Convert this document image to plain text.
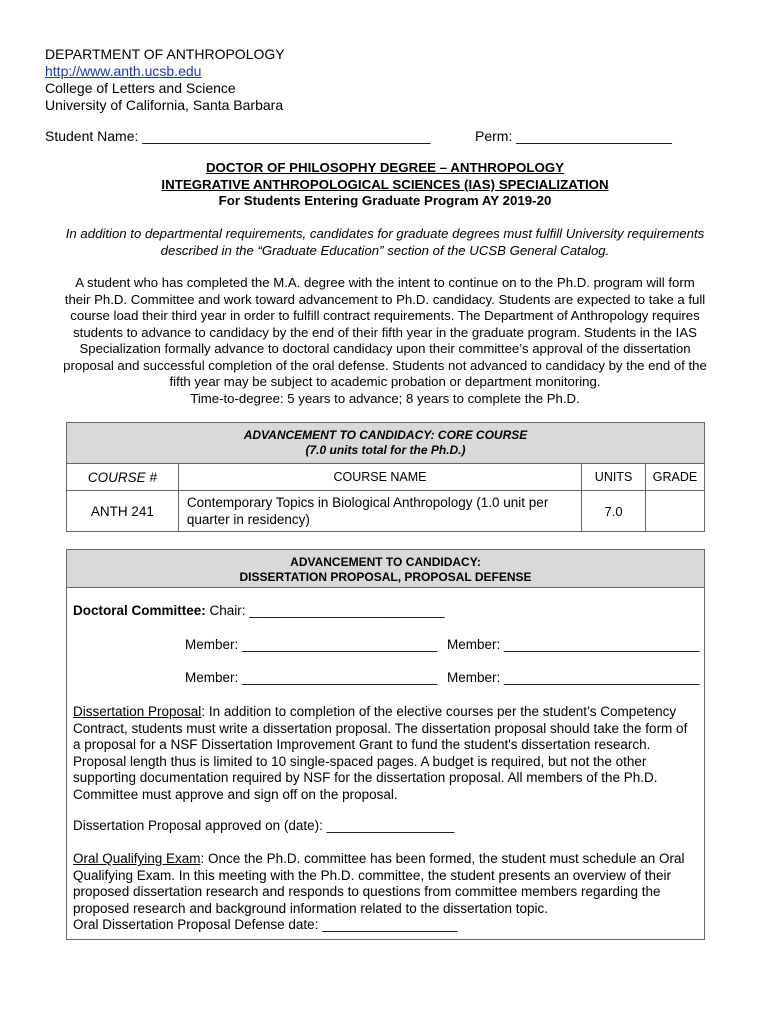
DEPARTMENT OF ANTHROPOLOGY
http://www.anth.ucsb.edu
College of Letters and Science
University of California, Santa Barbara
Student Name: _____________________________________	Perm: ____________________
DOCTOR OF PHILOSOPHY DEGREE – ANTHROPOLOGY
INTEGRATIVE ANTHROPOLOGICAL SCIENCES (IAS) SPECIALIZATION
For Students Entering Graduate Program AY 2019-20
In addition to departmental requirements, candidates for graduate degrees must fulfill University requirements described in the “Graduate Education” section of the UCSB General Catalog.
A student who has completed the M.A. degree with the intent to continue on to the Ph.D. program will form
their Ph.D. Committee and work toward advancement to Ph.D. candidacy. Students are expected to take a full
course load their third year in order to fulfill contract requirements. The Department of Anthropology requires
students to advance to candidacy by the end of their fifth year in the graduate program. Students in the IAS
Specialization formally advance to doctoral candidacy upon their committee’s approval of the dissertation
proposal and successful completion of the oral defense. Students not advanced to candidacy by the end of the
fifth year may be subject to academic probation or department monitoring.
Time-to-degree: 5 years to advance; 8 years to complete the Ph.D.
ADVANCEMENT TO CANDIDACY: CORE COURSE
(7.0 units total for the Ph.D.)			

COURSE #	COURSE NAME	UNITS	GRADE
ANTH 241	Contemporary Topics in Biological Anthropology (1.0 unit per quarter in residency)	7.0	
ADVANCEMENT TO CANDIDACY:
DISSERTATION PROPOSAL, PROPOSAL DEFENSE
Doctoral Committee: Chair: __________________________
Member: __________________________ Member: __________________________
Member: __________________________ Member: __________________________
Dissertation Proposal: In addition to completion of the elective courses per the student’s Competency Contract, students must write a dissertation proposal. The dissertation proposal should take the form of a proposal for a NSF Dissertation Improvement Grant to fund the student's dissertation research. Proposal length thus is limited to 10 single-spaced pages. A budget is required, but not the other supporting documentation required by NSF for the dissertation proposal. All members of the Ph.D. Committee must approve and sign off on the proposal.
Dissertation Proposal approved on (date): _________________
Oral Qualifying Exam: Once the Ph.D. committee has been formed, the student must schedule an Oral Qualifying Exam. In this meeting with the Ph.D. committee, the student presents an overview of their proposed dissertation research and responds to questions from committee members regarding the proposed research and background information related to the dissertation topic.
Oral Dissertation Proposal Defense date: __________________
